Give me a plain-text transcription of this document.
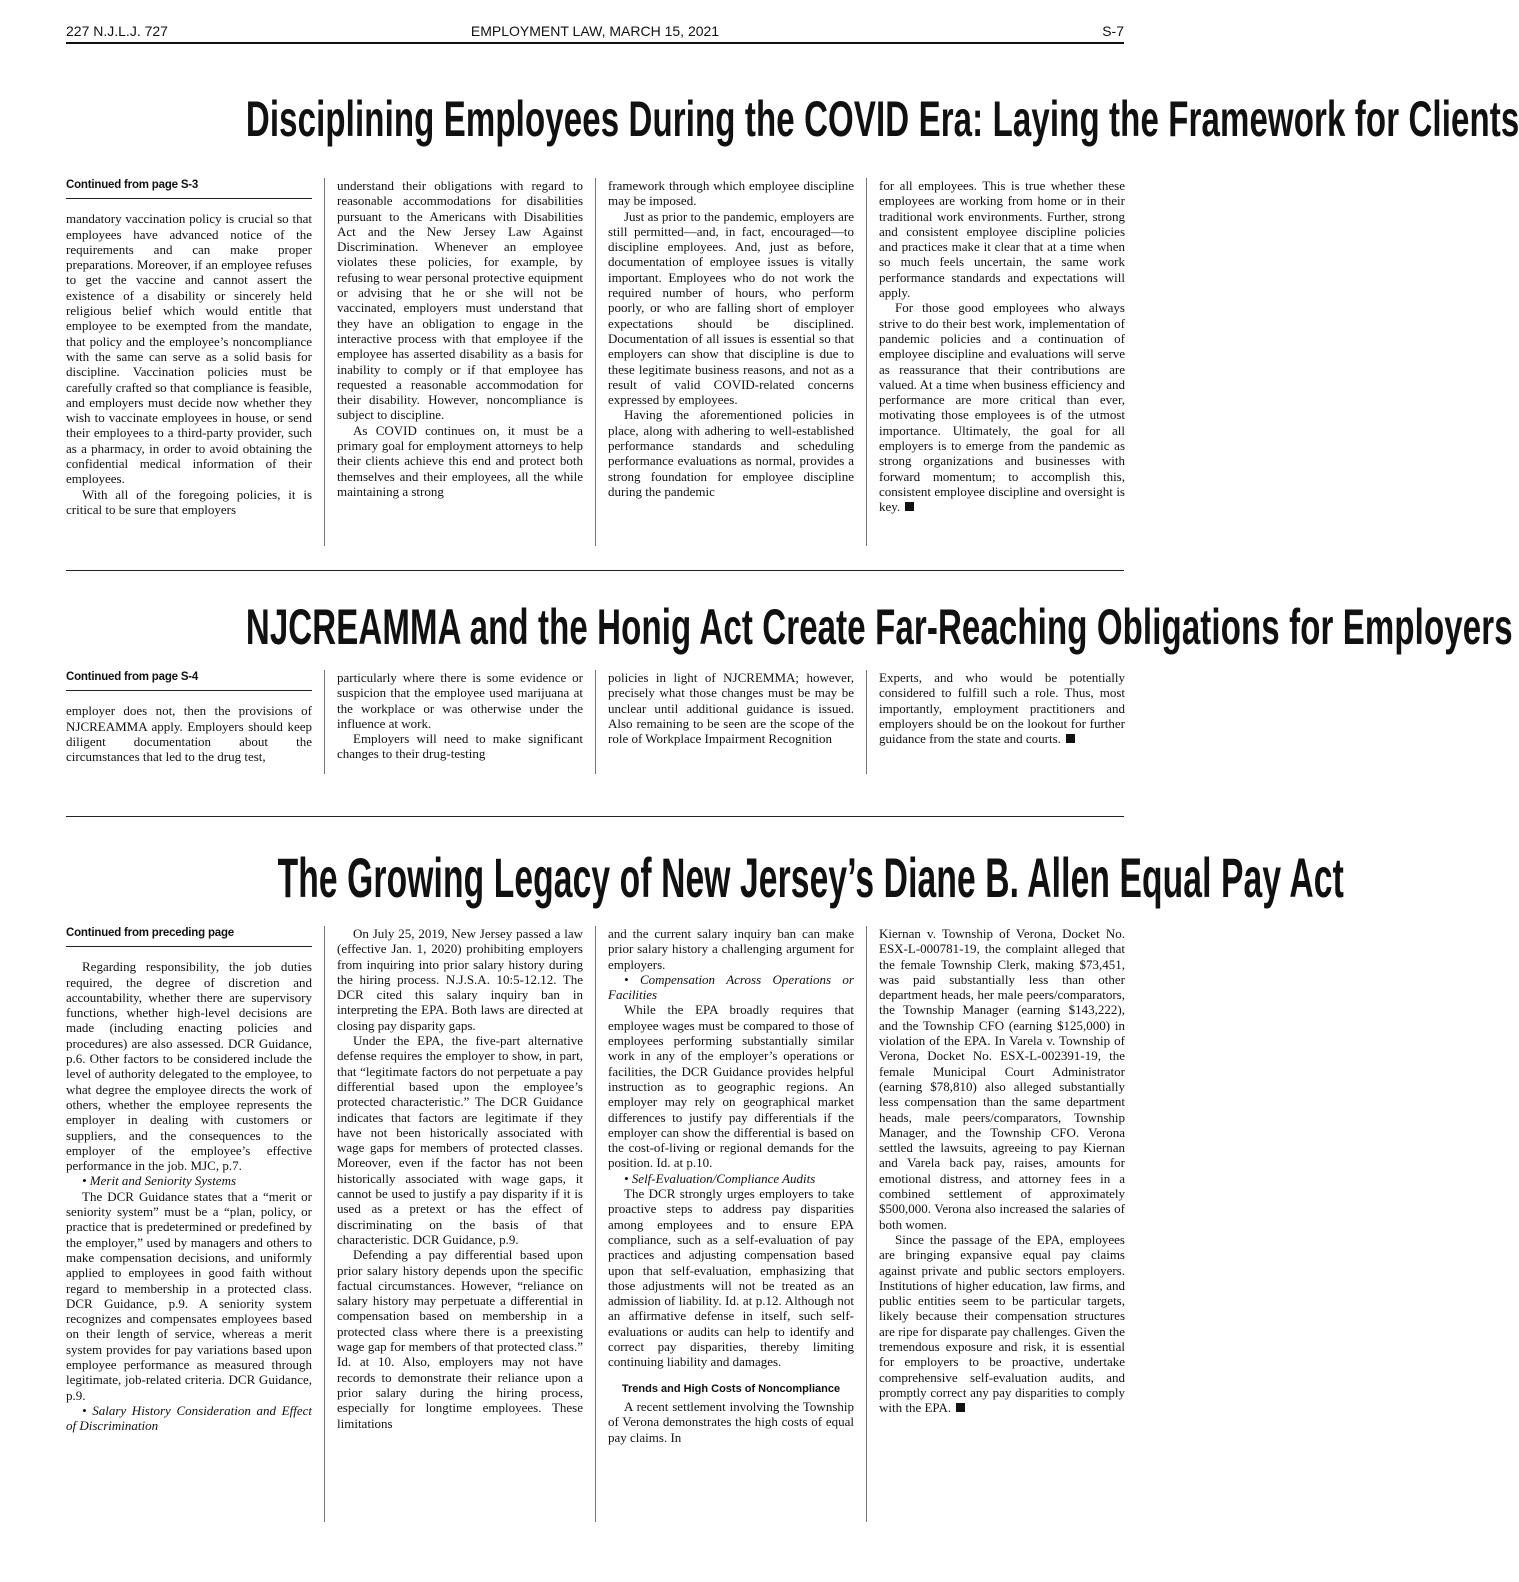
227 N.J.L.J. 727	EMPLOYMENT LAW, MARCH 15, 2021	S-7
Disciplining Employees During the COVID Era: Laying the Framework for Clients
Continued from page S-3

mandatory vaccination policy is crucial so that employees have advanced notice of the requirements and can make proper preparations. Moreover, if an employee refuses to get the vaccine and cannot assert the existence of a disability or sincerely held religious belief which would entitle that employee to be exempted from the mandate, that policy and the employee’s noncompliance with the same can serve as a solid basis for discipline. Vaccination policies must be carefully crafted so that compliance is feasible, and employers must decide now whether they wish to vaccinate employees in house, or send their employees to a third-party provider, such as a pharmacy, in order to avoid obtaining the confidential medical information of their employees.

With all of the foregoing policies, it is critical to be sure that employers

understand their obligations with regard to reasonable accommodations for disabilities pursuant to the Americans with Disabilities Act and the New Jersey Law Against Discrimination. Whenever an employee violates these policies, for example, by refusing to wear personal protective equipment or advising that he or she will not be vaccinated, employers must understand that they have an obligation to engage in the interactive process with that employee if the employee has asserted disability as a basis for inability to comply or if that employee has requested a reasonable accommodation for their disability. However, noncompliance is subject to discipline.

As COVID continues on, it must be a primary goal for employment attorneys to help their clients achieve this end and protect both themselves and their employees, all the while maintaining a strong

framework through which employee discipline may be imposed.

Just as prior to the pandemic, employers are still permitted—and, in fact, encouraged—to discipline employees. And, just as before, documentation of employee issues is vitally important. Employees who do not work the required number of hours, who perform poorly, or who are falling short of employer expectations should be disciplined. Documentation of all issues is essential so that employers can show that discipline is due to these legitimate business reasons, and not as a result of valid COVID-related concerns expressed by employees.

Having the aforementioned policies in place, along with adhering to well-established performance standards and scheduling performance evaluations as normal, provides a strong foundation for employee discipline during the pandemic

for all employees. This is true whether these employees are working from home or in their traditional work environments. Further, strong and consistent employee discipline policies and practices make it clear that at a time when so much feels uncertain, the same work performance standards and expectations will apply.

For those good employees who always strive to do their best work, implementation of pandemic policies and a continuation of employee discipline and evaluations will serve as reassurance that their contributions are valued. At a time when business efficiency and performance are more critical than ever, motivating those employees is of the utmost importance. Ultimately, the goal for all employers is to emerge from the pandemic as strong organizations and businesses with forward momentum; to accomplish this, consistent employee discipline and oversight is key.

NJCREAMMA and the Honig Act Create Far-Reaching Obligations for Employers
Continued from page S-4

employer does not, then the provisions of NJCREAMMA apply. Employers should keep diligent documentation about the circumstances that led to the drug test,

particularly where there is some evidence or suspicion that the employee used marijuana at the workplace or was otherwise under the influence at work.

Employers will need to make significant changes to their drug-testing

policies in light of NJCREMMA; however, precisely what those changes must be may be unclear until additional guidance is issued. Also remaining to be seen are the scope of the role of Workplace Impairment Recognition

Experts, and who would be potentially considered to fulfill such a role. Thus, most importantly, employment practitioners and employers should be on the lookout for further guidance from the state and courts.

The Growing Legacy of New Jersey’s Diane B. Allen Equal Pay Act
Continued from preceding page

Regarding responsibility, the job duties required, the degree of discretion and accountability, whether there are supervisory functions, whether high-level decisions are made (including enacting policies and procedures) are also assessed. DCR Guidance, p.6. Other factors to be considered include the level of authority delegated to the employee, to what degree the employee directs the work of others, whether the employee represents the employer in dealing with customers or suppliers, and the consequences to the employer of the employee’s effective performance in the job. MJC, p.7.

• Merit and Seniority Systems

The DCR Guidance states that a “merit or seniority system” must be a “plan, policy, or practice that is predetermined or predefined by the employer,” used by managers and others to make compensation decisions, and uniformly applied to employees in good faith without regard to membership in a protected class. DCR Guidance, p.9. A seniority system recognizes and compensates employees based on their length of service, whereas a merit system provides for pay variations based upon employee performance as measured through legitimate, job-related criteria. DCR Guidance, p.9.

• Salary History Consideration and Effect of Discrimination

On July 25, 2019, New Jersey passed a law (effective Jan. 1, 2020) prohibiting employers from inquiring into prior salary history during the hiring process. N.J.S.A. 10:5-12.12. The DCR cited this salary inquiry ban in interpreting the EPA. Both laws are directed at closing pay disparity gaps.

Under the EPA, the five-part alternative defense requires the employer to show, in part, that “legitimate factors do not perpetuate a pay differential based upon the employee’s protected characteristic.” The DCR Guidance indicates that factors are legitimate if they have not been historically associated with wage gaps for members of protected classes. Moreover, even if the factor has not been historically associated with wage gaps, it cannot be used to justify a pay disparity if it is used as a pretext or has the effect of discriminating on the basis of that characteristic. DCR Guidance, p.9.

Defending a pay differential based upon prior salary history depends upon the specific factual circumstances. However, “reliance on salary history may perpetuate a differential in compensation based on membership in a protected class where there is a preexisting wage gap for members of that protected class.” Id. at 10. Also, employers may not have records to demonstrate their reliance upon a prior salary during the hiring process, especially for longtime employees. These limitations

and the current salary inquiry ban can make prior salary history a challenging argument for employers.

• Compensation Across Operations or Facilities

While the EPA broadly requires that employee wages must be compared to those of employees performing substantially similar work in any of the employer’s operations or facilities, the DCR Guidance provides helpful instruction as to geographic regions. An employer may rely on geographical market differences to justify pay differentials if the employer can show the differential is based on the cost-of-living or regional demands for the position. Id. at p.10.

• Self-Evaluation/Compliance Audits

The DCR strongly urges employers to take proactive steps to address pay disparities among employees and to ensure EPA compliance, such as a self-evaluation of pay practices and adjusting compensation based upon that self-evaluation, emphasizing that those adjustments will not be treated as an admission of liability. Id. at p.12. Although not an affirmative defense in itself, such self-evaluations or audits can help to identify and correct pay disparities, thereby limiting continuing liability and damages.

Trends and High Costs of Noncompliance

A recent settlement involving the Township of Verona demonstrates the high costs of equal pay claims. In

Kiernan v. Township of Verona, Docket No. ESX-L-000781-19, the complaint alleged that the female Township Clerk, making $73,451, was paid substantially less than other department heads, her male peers/comparators, the Township Manager (earning $143,222), and the Township CFO (earning $125,000) in violation of the EPA. In Varela v. Township of Verona, Docket No. ESX-L-002391-19, the female Municipal Court Administrator (earning $78,810) also alleged substantially less compensation than the same department heads, male peers/comparators, Township Manager, and the Township CFO. Verona settled the lawsuits, agreeing to pay Kiernan and Varela back pay, raises, amounts for emotional distress, and attorney fees in a combined settlement of approximately $500,000. Verona also increased the salaries of both women.

Since the passage of the EPA, employees are bringing expansive equal pay claims against private and public sectors employers. Institutions of higher education, law firms, and public entities seem to be particular targets, likely because their compensation structures are ripe for disparate pay challenges. Given the tremendous exposure and risk, it is essential for employers to be proactive, undertake comprehensive self-evaluation audits, and promptly correct any pay disparities to comply with the EPA.
